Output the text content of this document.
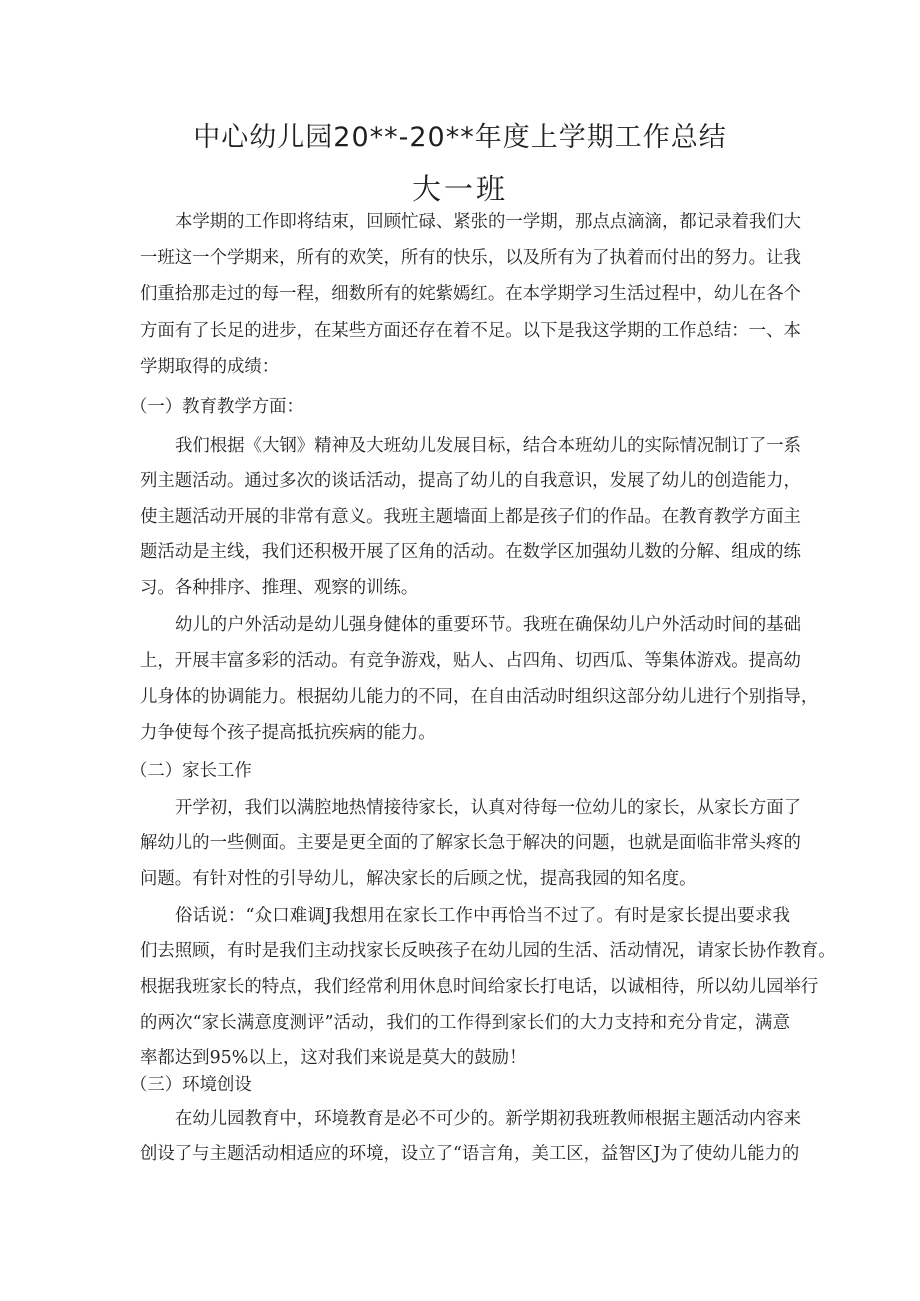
中心幼儿园20**-20**年度上学期工作总结
大一班
本学期的工作即将结束，回顾忙碌、紧张的一学期，那点点滴滴，都记录着我们大
一班这一个学期来，所有的欢笑，所有的快乐，以及所有为了执着而付出的努力。让我
们重拾那走过的每一程，细数所有的姹紫嫣红。在本学期学习生活过程中，幼儿在各个
方面有了长足的进步，在某些方面还存在着不足。以下是我这学期的工作总结：一、本
学期取得的成绩：
（一）教育教学方面：
我们根据《大钢》精神及大班幼儿发展目标，结合本班幼儿的实际情况制订了一系
列主题活动。通过多次的谈话活动，提高了幼儿的自我意识，发展了幼儿的创造能力，
使主题活动开展的非常有意义。我班主题墙面上都是孩子们的作品。在教育教学方面主
题活动是主线，我们还积极开展了区角的活动。在数学区加强幼儿数的分解、组成的练
习。各种排序、推理、观察的训练。
幼儿的户外活动是幼儿强身健体的重要环节。我班在确保幼儿户外活动时间的基础
上，开展丰富多彩的活动。有竞争游戏，贴人、占四角、切西瓜、等集体游戏。提高幼
儿身体的协调能力。根据幼儿能力的不同，在自由活动时组织这部分幼儿进行个别指导，
力争使每个孩子提高抵抗疾病的能力。
（二）家长工作
开学初，我们以满腔地热情接待家长，认真对待每一位幼儿的家长，从家长方面了
解幼儿的一些侧面。主要是更全面的了解家长急于解决的问题，也就是面临非常头疼的
问题。有针对性的引导幼儿，解决家长的后顾之忧，提高我园的知名度。
俗话说：“众口难调J我想用在家长工作中再恰当不过了。有时是家长提出要求我
们去照顾，有时是我们主动找家长反映孩子在幼儿园的生活、活动情况，请家长协作教育。
根据我班家长的特点，我们经常利用休息时间给家长打电话，以诚相待，所以幼儿园举行
的两次“家长满意度测评”活动，我们的工作得到家长们的大力支持和充分肯定，满意
率都达到95%以上，这对我们来说是莫大的鼓励！
（三）环境创设
在幼儿园教育中，环境教育是必不可少的。新学期初我班教师根据主题活动内容来
创设了与主题活动相适应的环境，设立了“语言角，美工区，益智区J为了使幼儿能力的
